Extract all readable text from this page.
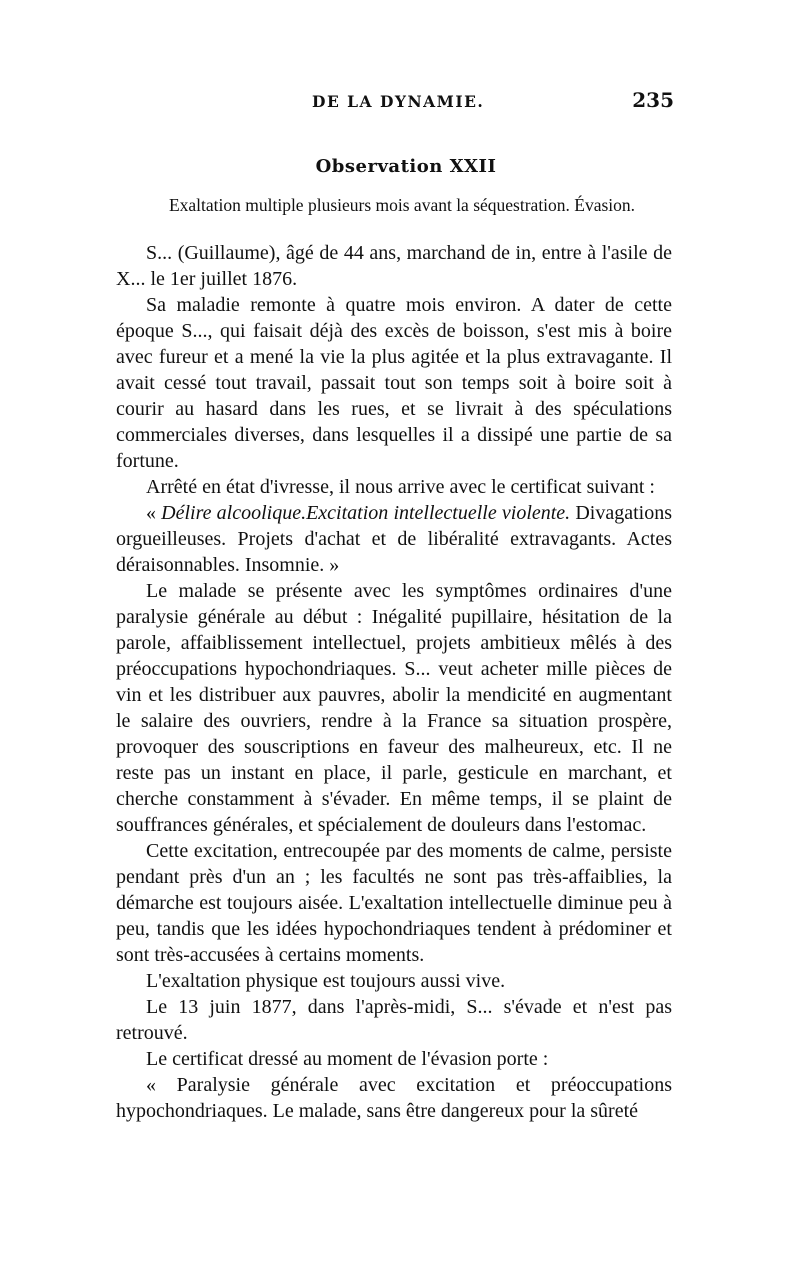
DE LA DYNAMIE.	235
Observation XXII
Exaltation multiple plusieurs mois avant la séquestration. Évasion.

S... (Guillaume), âgé de 44 ans, marchand de in, entre à l'asile de X... le 1er juillet 1876.

Sa maladie remonte à quatre mois environ. A dater de cette époque S..., qui faisait déjà des excès de boisson, s'est mis à boire avec fureur et a mené la vie la plus agitée et la plus extravagante. Il avait cessé tout travail, passait tout son temps soit à boire soit à courir au hasard dans les rues, et se livrait à des spéculations commerciales diverses, dans lesquelles il a dissipé une partie de sa fortune.

Arrêté en état d'ivresse, il nous arrive avec le certificat suivant :

« Délire alcoolique.Excitation intellectuelle violente. Divagations orgueilleuses. Projets d'achat et de libéralité extravagants. Actes déraisonnables. Insomnie. »

Le malade se présente avec les symptômes ordinaires d'une paralysie générale au début : Inégalité pupillaire, hésitation de la parole, affaiblissement intellectuel, projets ambitieux mêlés à des préoccupations hypochondriaques. S... veut acheter mille pièces de vin et les distribuer aux pauvres, abolir la mendicité en augmentant le salaire des ouvriers, rendre à la France sa situation prospère, provoquer des souscriptions en faveur des malheureux, etc. Il ne reste pas un instant en place, il parle, gesticule en marchant, et cherche constamment à s'évader. En même temps, il se plaint de souffrances générales, et spécialement de douleurs dans l'estomac.

Cette excitation, entrecoupée par des moments de calme, persiste pendant près d'un an ; les facultés ne sont pas très-affaiblies, la démarche est toujours aisée. L'exaltation intellectuelle diminue peu à peu, tandis que les idées hypochondriaques tendent à prédominer et sont très-accusées à certains moments.

L'exaltation physique est toujours aussi vive.

Le 13 juin 1877, dans l'après-midi, S... s'évade et n'est pas retrouvé.

Le certificat dressé au moment de l'évasion porte :

« Paralysie générale avec excitation et préoccupations hypochondriaques. Le malade, sans être dangereux pour la sûreté
